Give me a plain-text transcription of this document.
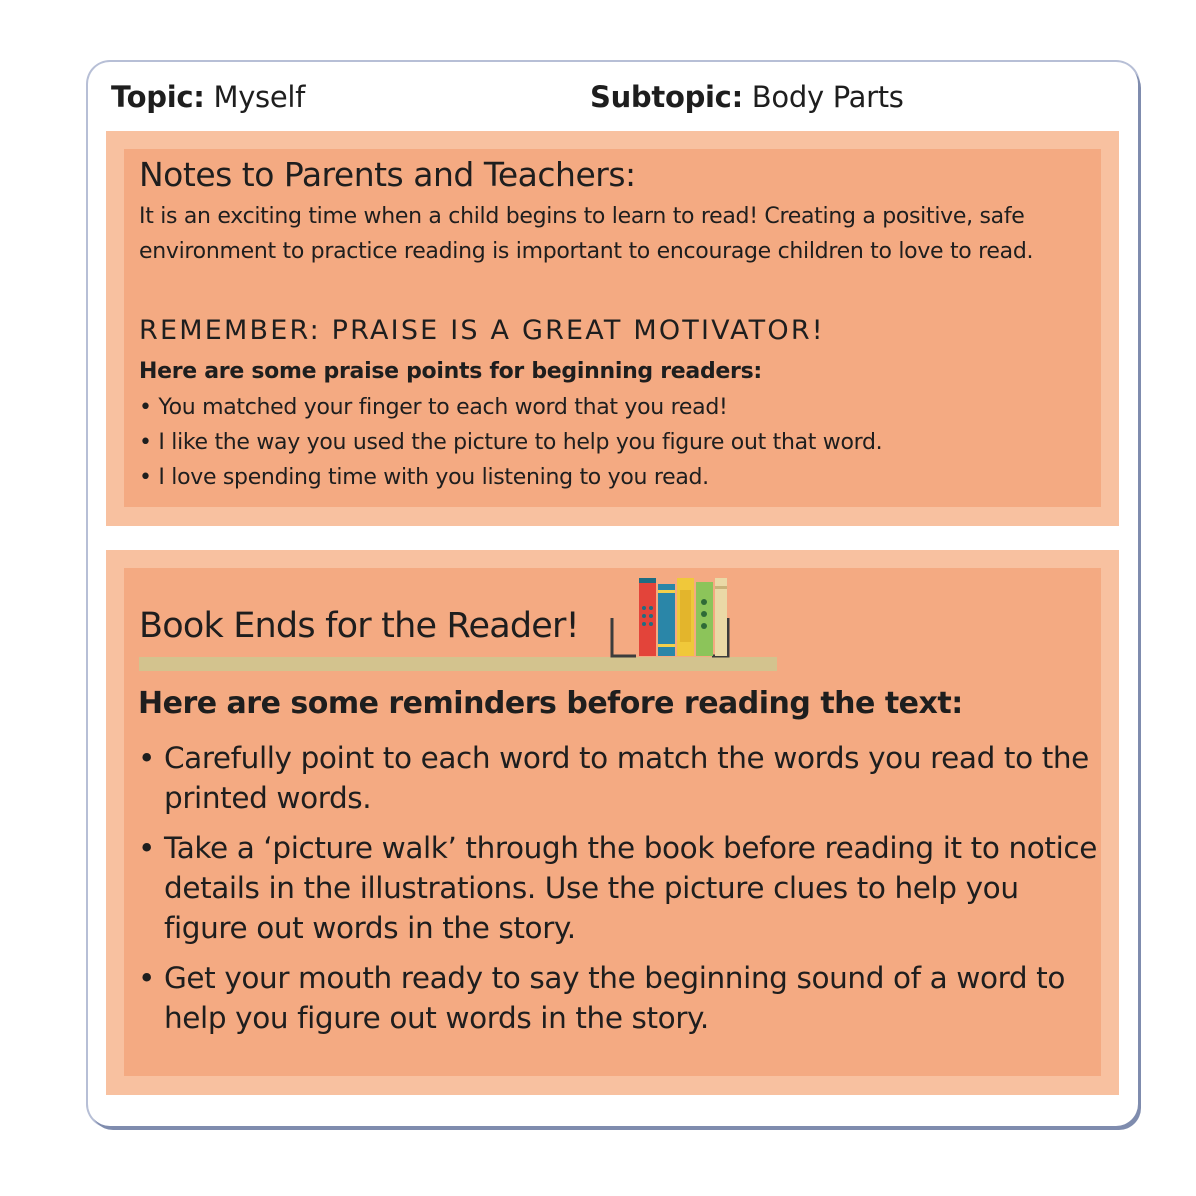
Topic: Myself	Subtopic: Body Parts
Notes to Parents and Teachers:
It is an exciting time when a child begins to learn to read! Creating a positive, safe environment to practice reading is important to encourage children to love to read.
REMEMBER: PRAISE IS A GREAT MOTIVATOR!
Here are some praise points for beginning readers:
• You matched your finger to each word that you read!
• I like the way you used the picture to help you figure out that word.
• I love spending time with you listening to you read.
Book Ends for the Reader!
Here are some reminders before reading the text:
• Carefully point to each word to match the words you read to the printed words.
• Take a ‘picture walk’ through the book before reading it to notice details in the illustrations. Use the picture clues to help you figure out words in the story.
• Get your mouth ready to say the beginning sound of a word to help you figure out words in the story.
